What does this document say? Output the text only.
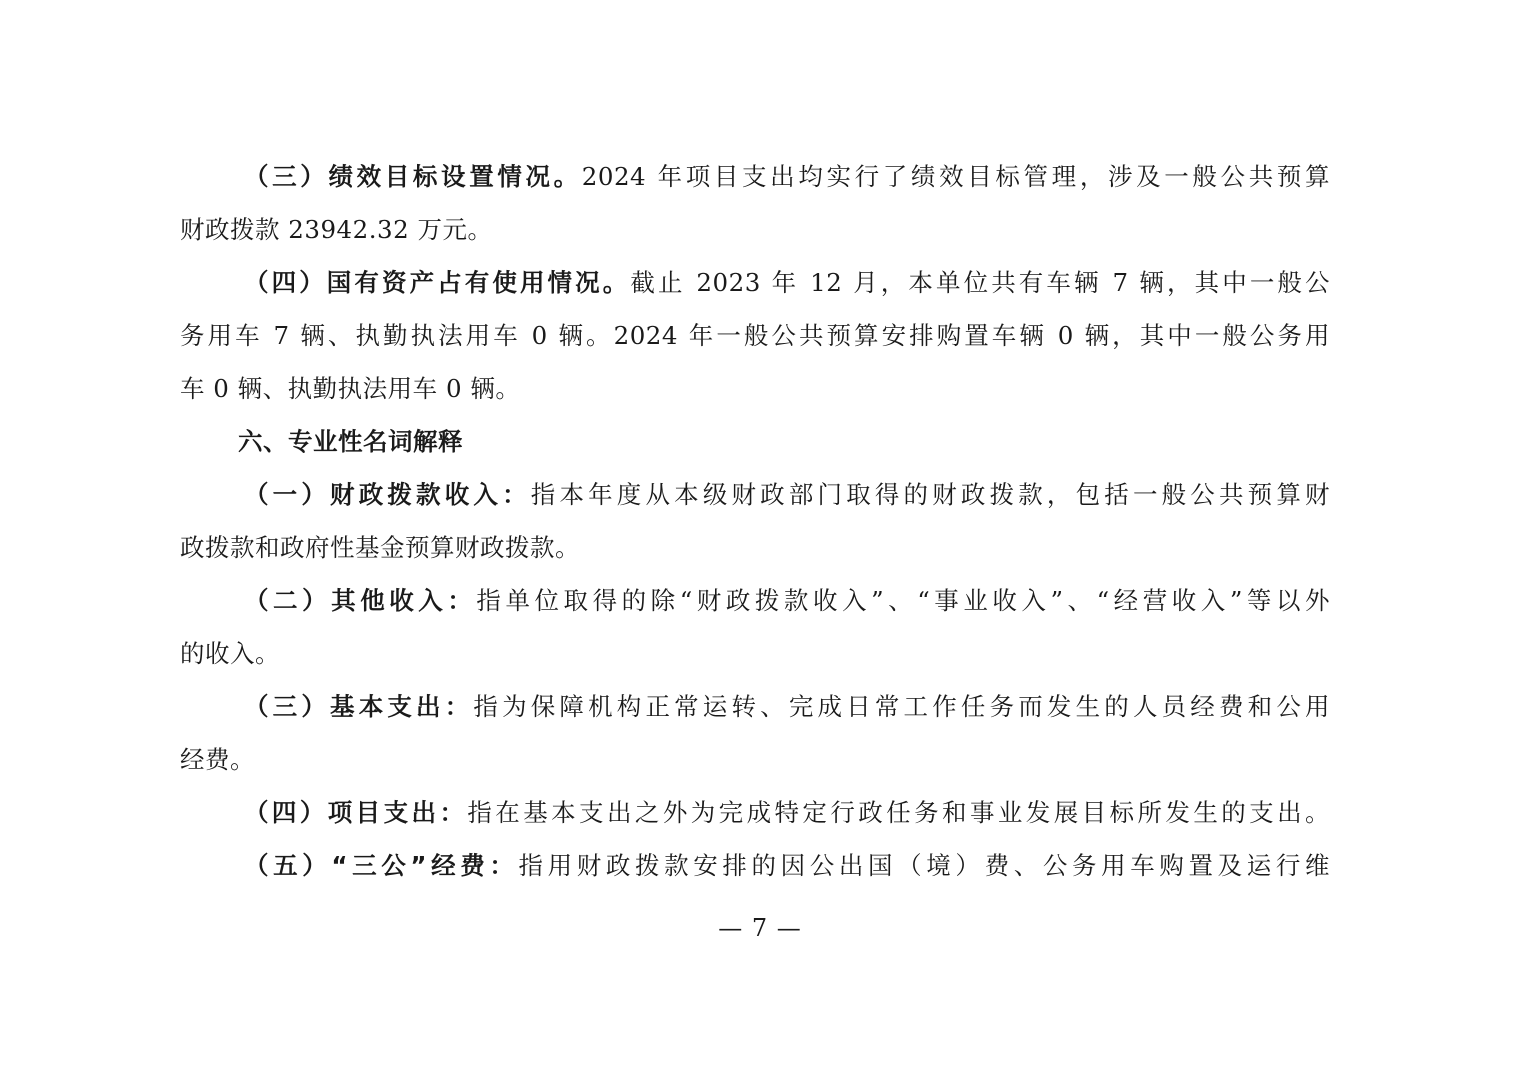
（三）绩效目标设置情况。2024 年项目支出均实行了绩效目标管理，涉及一般公共预算
财政拨款 23942.32 万元。
（四）国有资产占有使用情况。截止 2023 年 12 月，本单位共有车辆 7 辆，其中一般公
务用车 7 辆、执勤执法用车 0 辆。2024 年一般公共预算安排购置车辆 0 辆，其中一般公务用
车 0 辆、执勤执法用车 0 辆。
六、专业性名词解释
（一）财政拨款收入：指本年度从本级财政部门取得的财政拨款，包括一般公共预算财
政拨款和政府性基金预算财政拨款。
（二）其他收入：指单位取得的除“财政拨款收入”、“事业收入”、“经营收入”等以外
的收入。
（三）基本支出：指为保障机构正常运转、完成日常工作任务而发生的人员经费和公用
经费。
（四）项目支出：指在基本支出之外为完成特定行政任务和事业发展目标所发生的支出。
（五）“三公”经费：指用财政拨款安排的因公出国（境）费、公务用车购置及运行维
— 7 —
